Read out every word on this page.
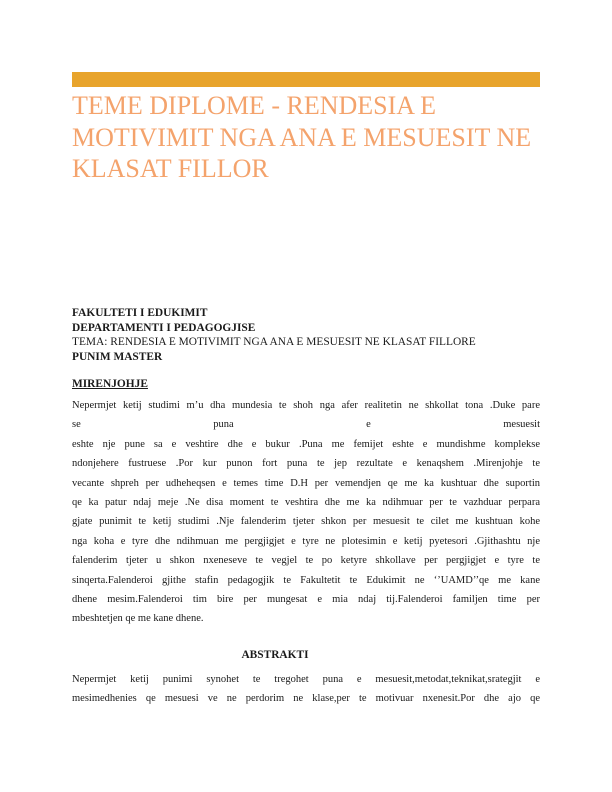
TEME DIPLOME - RENDESIA E MOTIVIMIT NGA ANA E MESUESIT NE KLASAT FILLOR
FAKULTETI I EDUKIMIT
DEPARTAMENTI I PEDAGOGJISE
TEMA: RENDESIA E MOTIVIMIT NGA ANA E MESUESIT NE KLASAT FILLORE
PUNIM MASTER
MIRENJOHJE
Nepermjet ketij studimi m’u dha mundesia te shoh nga afer realitetin ne shkollat tona .Duke pare
se puna e mesuesit
eshte nje pune sa e veshtire dhe e bukur .Puna me femijet eshte e mundishme komplekse
ndonjehere fustruese .Por kur punon fort puna te jep rezultate e kenaqshem .Mirenjohje te
vecante shpreh per udheheqsen e temes time D.H per vemendjen qe me ka kushtuar dhe suportin
qe ka patur ndaj meje .Ne disa moment te veshtira dhe me ka ndihmuar per te vazhduar perpara
gjate punimit te ketij studimi .Nje falenderim tjeter shkon per mesuesit te cilet me kushtuan kohe
nga koha e tyre dhe ndihmuan me pergjigjet e tyre ne plotesimin e ketij pyetesori .Gjithashtu nje
falenderim tjeter u shkon nxeneseve te vegjel te po ketyre shkollave per pergjigjet e tyre te
sinqerta.Falenderoi gjithe stafin pedagogjik te Fakultetit te Edukimit ne ‘’UAMD’’qe me kane
dhene mesim.Falenderoi tim bire per mungesat e mia ndaj tij.Falenderoi familjen time per
mbeshtetjen qe me kane dhene.
ABSTRAKTI
Nepermjet ketij punimi synohet te tregohet puna e mesuesit,metodat,teknikat,srategjit e
mesimedhenies qe mesuesi ve ne perdorim ne klase,per te motivuar nxenesit.Por dhe ajo qe
